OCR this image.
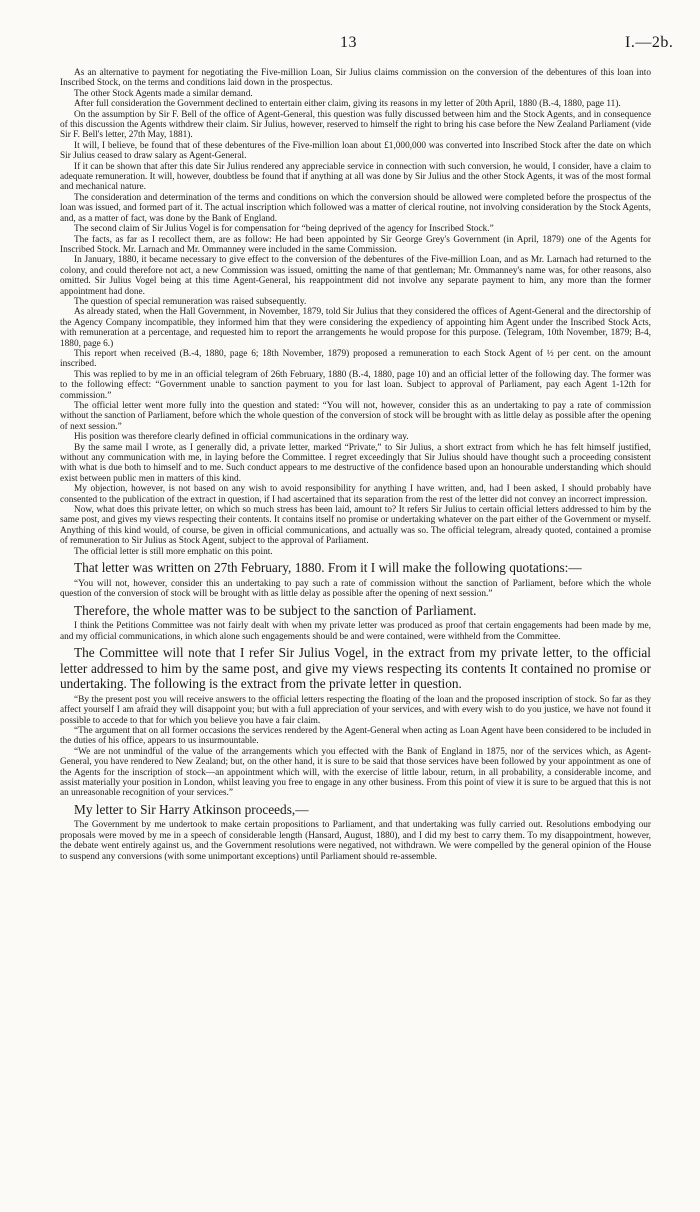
13	I.—2b.

As an alternative to payment for negotiating the Five-million Loan, Sir Julius claims commission on the conversion of the debentures of this loan into Inscribed Stock, on the terms and conditions laid down in the prospectus.

The other Stock Agents made a similar demand.

After full consideration the Government declined to entertain either claim, giving its reasons in my letter of 20th April, 1880 (B.-4, 1880, page 11).

On the assumption by Sir F. Bell of the office of Agent-General, this question was fully discussed between him and the Stock Agents, and in consequence of this discussion the Agents withdrew their claim. Sir Julius, however, reserved to himself the right to bring his case before the New Zealand Parliament (vide Sir F. Bell's letter, 27th May, 1881).

It will, I believe, be found that of these debentures of the Five-million loan about £1,000,000 was converted into Inscribed Stock after the date on which Sir Julius ceased to draw salary as Agent-General.

If it can be shown that after this date Sir Julius rendered any appreciable service in connection with such conversion, he would, I consider, have a claim to adequate remuneration. It will, however, doubtless be found that if anything at all was done by Sir Julius and the other Stock Agents, it was of the most formal and mechanical nature.

The consideration and determination of the terms and conditions on which the conversion should be allowed were completed before the prospectus of the loan was issued, and formed part of it. The actual inscription which followed was a matter of clerical routine, not involving consideration by the Stock Agents, and, as a matter of fact, was done by the Bank of England.

The second claim of Sir Julius Vogel is for compensation for “being deprived of the agency for Inscribed Stock.”

The facts, as far as I recollect them, are as follow: He had been appointed by Sir George Grey's Government (in April, 1879) one of the Agents for Inscribed Stock. Mr. Larnach and Mr. Ommanney were included in the same Commission.

In January, 1880, it became necessary to give effect to the conversion of the debentures of the Five-million Loan, and as Mr. Larnach had returned to the colony, and could therefore not act, a new Commission was issued, omitting the name of that gentleman; Mr. Ommanney's name was, for other reasons, also omitted. Sir Julius Vogel being at this time Agent-General, his reappointment did not involve any separate payment to him, any more than the former appointment had done.

The question of special remuneration was raised subsequently.

As already stated, when the Hall Government, in November, 1879, told Sir Julius that they considered the offices of Agent-General and the directorship of the Agency Company incompatible, they informed him that they were considering the expediency of appointing him Agent under the Inscribed Stock Acts, with remuneration at a percentage, and requested him to report the arrangements he would propose for this purpose. (Telegram, 10th November, 1879; B-4, 1880, page 6.)

This report when received (B.-4, 1880, page 6; 18th November, 1879) proposed a remuneration to each Stock Agent of ½ per cent. on the amount inscribed.

This was replied to by me in an official telegram of 26th February, 1880 (B.-4, 1880, page 10) and an official letter of the following day. The former was to the following effect: “Government unable to sanction payment to you for last loan. Subject to approval of Parliament, pay each Agent 1-12th for commission.”

The official letter went more fully into the question and stated: “You will not, however, consider this as an undertaking to pay a rate of commission without the sanction of Parliament, before which the whole question of the conversion of stock will be brought with as little delay as possible after the opening of next session.”

His position was therefore clearly defined in official communications in the ordinary way.

By the same mail I wrote, as I generally did, a private letter, marked “Private,” to Sir Julius, a short extract from which he has felt himself justified, without any communication with me, in laying before the Committee. I regret exceedingly that Sir Julius should have thought such a proceeding consistent with what is due both to himself and to me. Such conduct appears to me destructive of the confidence based upon an honourable understanding which should exist between public men in matters of this kind.

My objection, however, is not based on any wish to avoid responsibility for anything I have written, and, had I been asked, I should probably have consented to the publication of the extract in question, if I had ascertained that its separation from the rest of the letter did not convey an incorrect impression.

Now, what does this private letter, on which so much stress has been laid, amount to? It refers Sir Julius to certain official letters addressed to him by the same post, and gives my views respecting their contents. It contains itself no promise or undertaking whatever on the part either of the Government or myself. Anything of this kind would, of course, be given in official communications, and actually was so. The official telegram, already quoted, contained a promise of remuneration to Sir Julius as Stock Agent, subject to the approval of Parliament.

The official letter is still more emphatic on this point.

That letter was written on 27th February, 1880. From it I will make the following quotations:—

“You will not, however, consider this an undertaking to pay such a rate of commission without the sanction of Parliament, before which the whole question of the conversion of stock will be brought with as little delay as possible after the opening of next session.”

Therefore, the whole matter was to be subject to the sanction of Parliament.

I think the Petitions Committee was not fairly dealt with when my private letter was produced as proof that certain engagements had been made by me, and my official communications, in which alone such engagements should be and were contained, were withheld from the Committee.

The Committee will note that I refer Sir Julius Vogel, in the extract from my private letter, to the official letter addressed to him by the same post, and give my views respecting its contents It contained no promise or undertaking. The following is the extract from the private letter in question.

“By the present post you will receive answers to the official letters respecting the floating of the loan and the proposed inscription of stock. So far as they affect yourself I am afraid they will disappoint you; but with a full appreciation of your services, and with every wish to do you justice, we have not found it possible to accede to that for which you believe you have a fair claim.

“The argument that on all former occasions the services rendered by the Agent-General when acting as Loan Agent have been considered to be included in the duties of his office, appears to us insurmountable.

“We are not unmindful of the value of the arrangements which you effected with the Bank of England in 1875, nor of the services which, as Agent-General, you have rendered to New Zealand; but, on the other hand, it is sure to be said that those services have been followed by your appointment as one of the Agents for the inscription of stock—an appointment which will, with the exercise of little labour, return, in all probability, a considerable income, and assist materially your position in London, whilst leaving you free to engage in any other business. From this point of view it is sure to be argued that this is not an unreasonable recognition of your services.”

My letter to Sir Harry Atkinson proceeds,—

The Government by me undertook to make certain propositions to Parliament, and that undertaking was fully carried out. Resolutions embodying our proposals were moved by me in a speech of considerable length (Hansard, August, 1880), and I did my best to carry them. To my disappointment, however, the debate went entirely against us, and the Government resolutions were negatived, not withdrawn. We were compelled by the general opinion of the House to suspend any conversions (with some unimportant exceptions) until Parliament should re-assemble.
